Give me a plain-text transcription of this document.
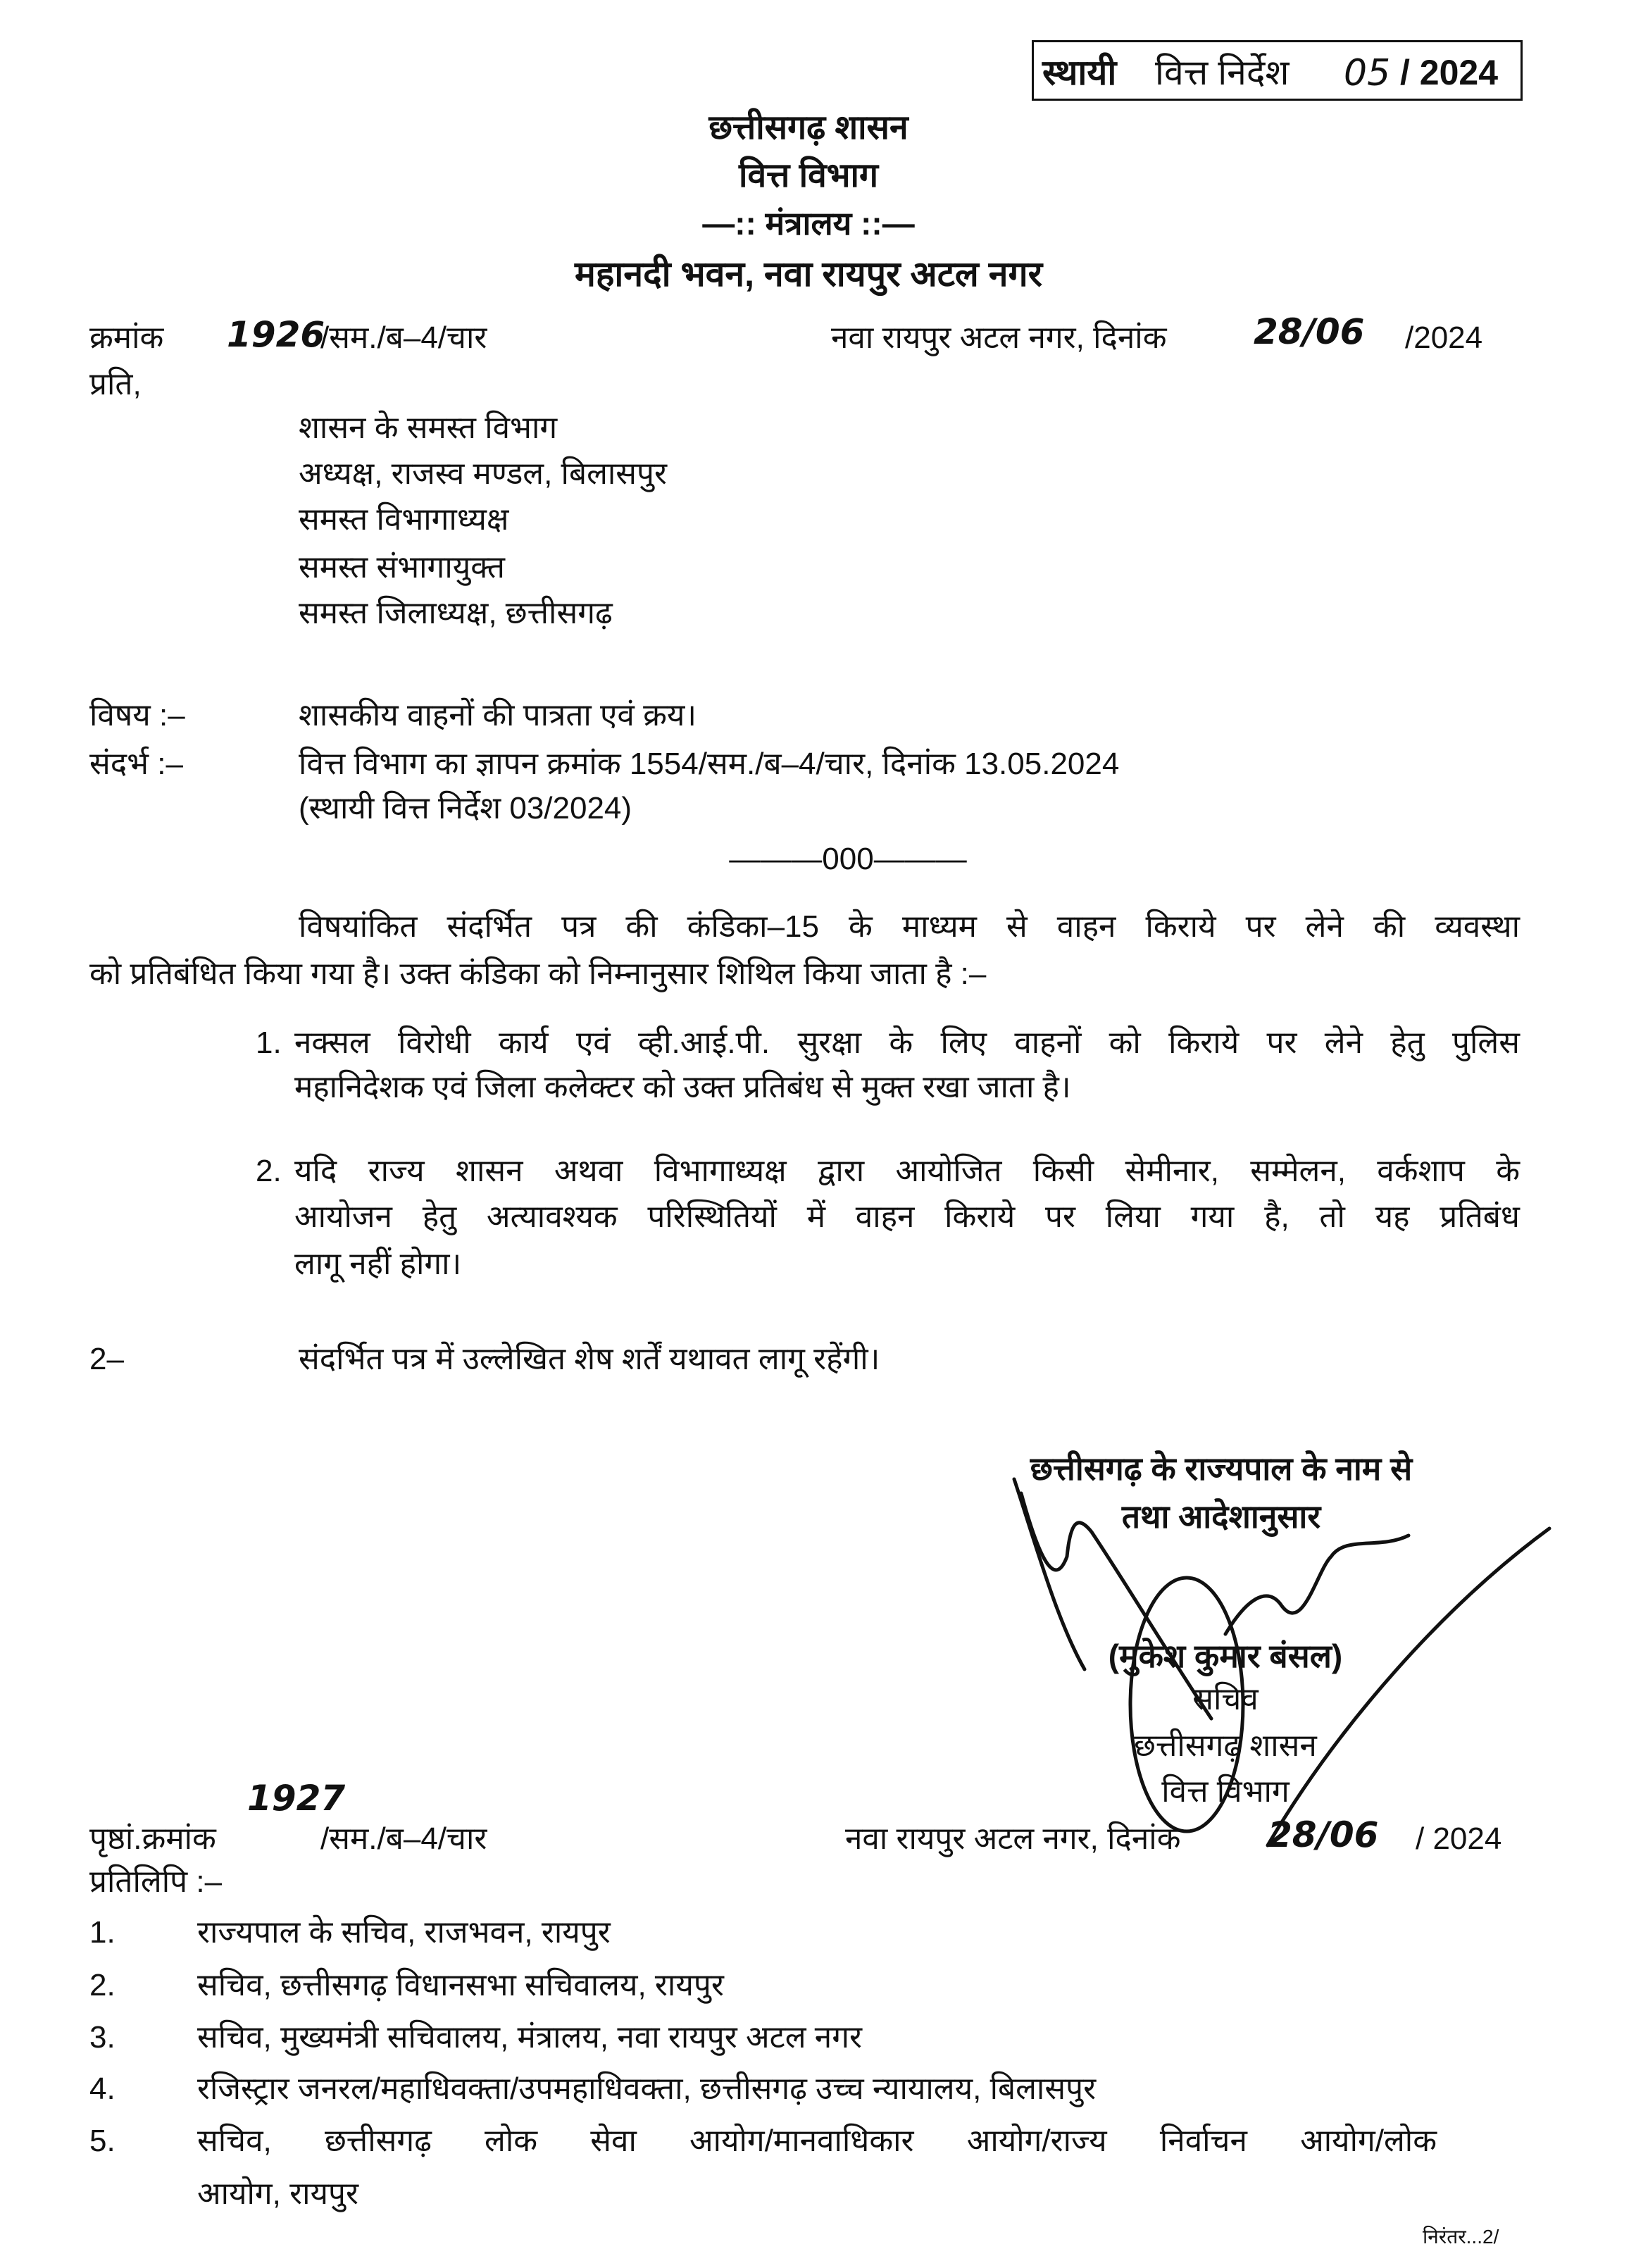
स्थायी वित्त निर्देश 05 / 2024
छत्तीसगढ़ शासन
वित्त विभाग
—:: मंत्रालय ::—
महानदी भवन, नवा रायपुर अटल नगर
क्रमांक 1926
/सम./ब–4/चार	नवा रायपुर अटल नगर, दिनांक 28/06 /2024
प्रति,
शासन के समस्त विभाग
अध्यक्ष, राजस्व मण्डल, बिलासपुर
समस्त विभागाध्यक्ष
समस्त संभागायुक्त
समस्त जिलाध्यक्ष, छत्तीसगढ़
विषय :–	शासकीय वाहनों की पात्रता एवं क्रय।
संदर्भ :–	वित्त विभाग का ज्ञापन क्रमांक 1554/सम./ब–4/चार, दिनांक 13.05.2024
(स्थायी वित्त निर्देश 03/2024)
———000———
विषयांकित संदर्भित पत्र की कंडिका–15 के माध्यम से वाहन किराये पर लेने की व्यवस्था
को प्रतिबंधित किया गया है। उक्त कंडिका को निम्नानुसार शिथिल किया जाता है :–
1. नक्सल विरोधी कार्य एवं व्ही.आई.पी. सुरक्षा के लिए वाहनों को किराये पर लेने हेतु पुलिस
महानिदेशक एवं जिला कलेक्टर को उक्त प्रतिबंध से मुक्त रखा जाता है।
2. यदि राज्य शासन अथवा विभागाध्यक्ष द्वारा आयोजित किसी सेमीनार, सम्मेलन, वर्कशाप के
आयोजन हेतु अत्यावश्यक परिस्थितियों में वाहन किराये पर लिया गया है, तो यह प्रतिबंध
लागू नहीं होगा।
2–	संदर्भित पत्र में उल्लेखित शेष शर्तें यथावत लागू रहेंगी।
छत्तीसगढ़ के राज्यपाल के नाम से
तथा आदेशानुसार
(मुकेश कुमार बंसल)
सचिव
छत्तीसगढ़ शासन
वित्त विभाग
1927
पृष्ठां.क्रमांक	/सम./ब–4/चार	नवा रायपुर अटल नगर, दिनांक 28/06 / 2024
प्रतिलिपि :–
1.	राज्यपाल के सचिव, राजभवन, रायपुर
2.	सचिव, छत्तीसगढ़ विधानसभा सचिवालय, रायपुर
3.	सचिव, मुख्यमंत्री सचिवालय, मंत्रालय, नवा रायपुर अटल नगर
4.	रजिस्ट्रार जनरल/महाधिवक्ता/उपमहाधिवक्ता, छत्तीसगढ़ उच्च न्यायालय, बिलासपुर
5.	सचिव, छत्तीसगढ़ लोक सेवा आयोग/मानवाधिकार आयोग/राज्य निर्वाचन आयोग/लोक
आयोग, रायपुर
निरंतर...2/
